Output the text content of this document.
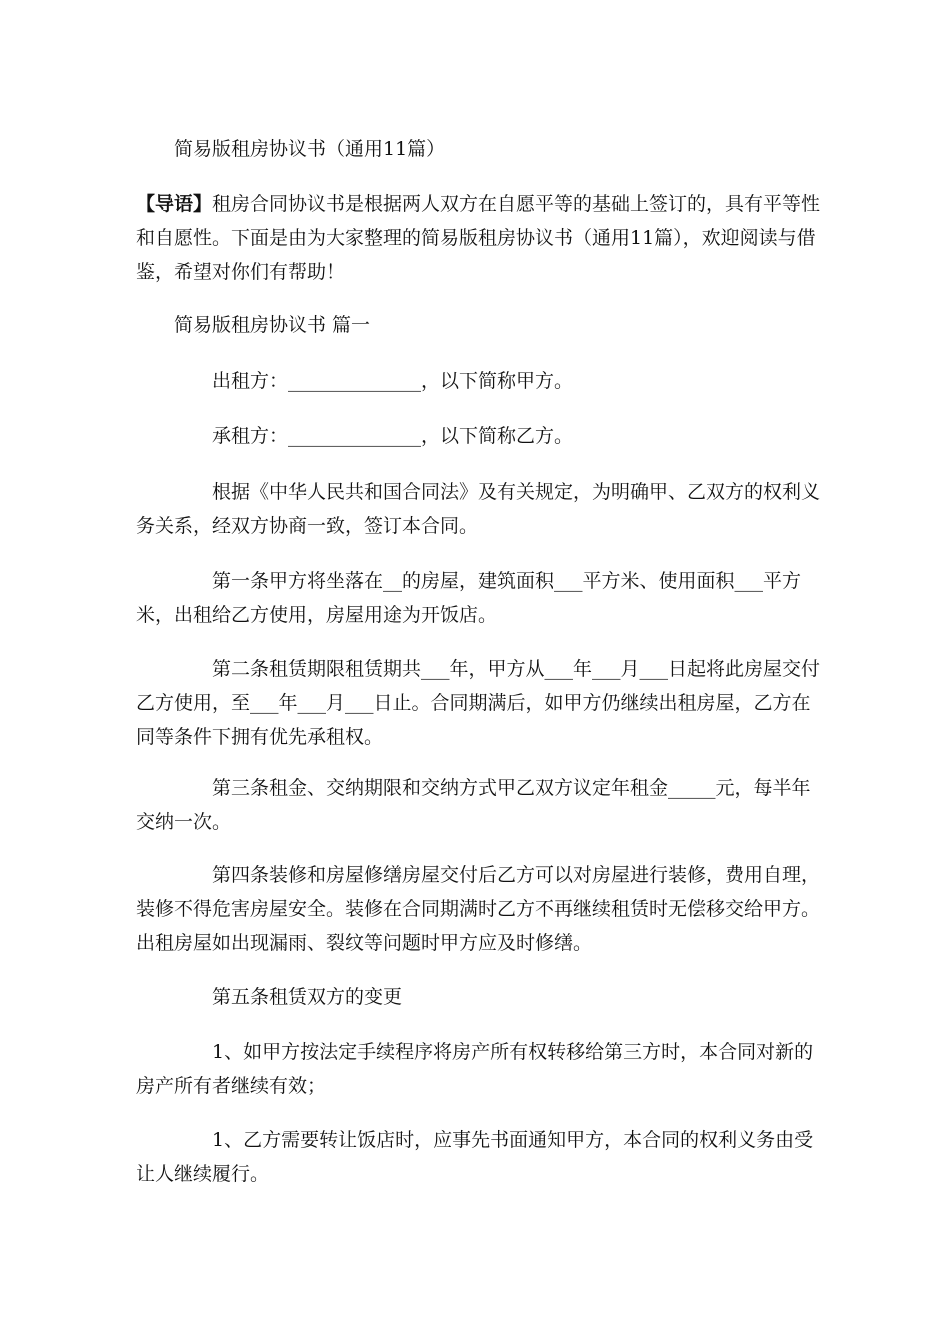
简易版租房协议书（通用11篇）

【导语】租房合同协议书是根据两人双方在自愿平等的基础上签订的，具有平等性和自愿性。下面是由为大家整理的简易版租房协议书（通用11篇），欢迎阅读与借鉴，希望对你们有帮助！

简易版租房协议书 篇一

出租方：______________，以下简称甲方。

承租方：______________，以下简称乙方。

根据《中华人民共和国合同法》及有关规定，为明确甲、乙双方的权利义务关系，经双方协商一致，签订本合同。

第一条甲方将坐落在__的房屋，建筑面积___平方米、使用面积___平方米，出租给乙方使用，房屋用途为开饭店。

第二条租赁期限租赁期共___年，甲方从___年___月___日起将此房屋交付乙方使用，至___年___月___日止。合同期满后，如甲方仍继续出租房屋，乙方在同等条件下拥有优先承租权。

第三条租金、交纳期限和交纳方式甲乙双方议定年租金_____元，每半年交纳一次。

第四条装修和房屋修缮房屋交付后乙方可以对房屋进行装修，费用自理，装修不得危害房屋安全。装修在合同期满时乙方不再继续租赁时无偿移交给甲方。出租房屋如出现漏雨、裂纹等问题时甲方应及时修缮。

第五条租赁双方的变更

1、如甲方按法定手续程序将房产所有权转移给第三方时，本合同对新的房产所有者继续有效；

1、乙方需要转让饭店时，应事先书面通知甲方，本合同的权利义务由受让人继续履行。
